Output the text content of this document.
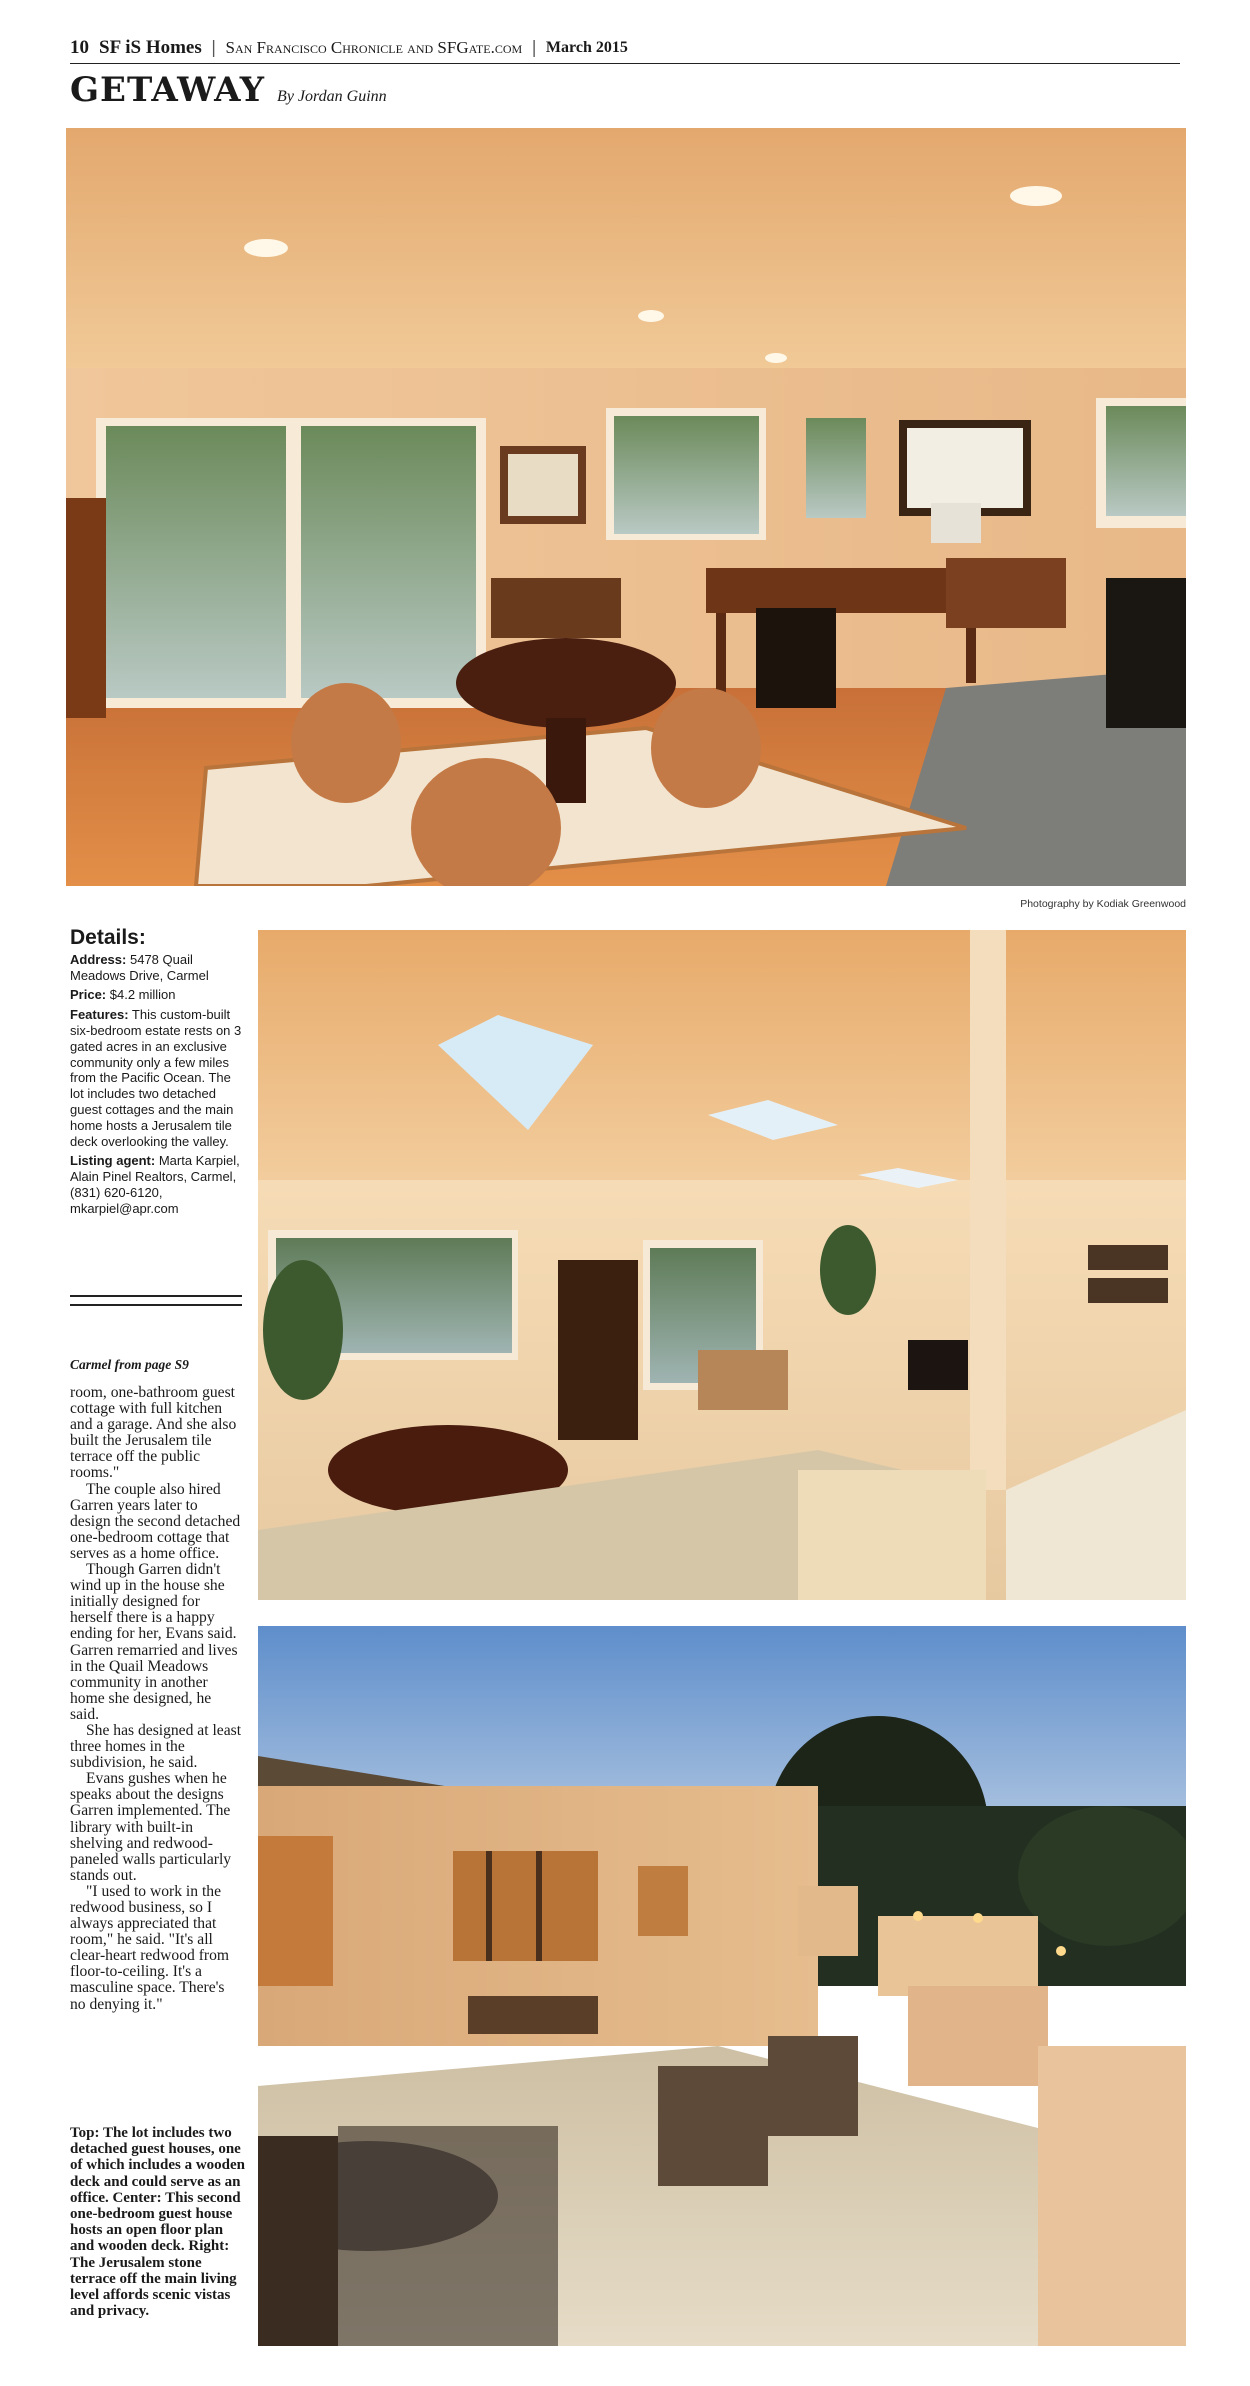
10 SF iS Homes | San Francisco Chronicle and SFGate.com | March 2015
GETAWAY By Jordan Guinn
Photography by Kodiak Greenwood
Details:

Address: 5478 Quail Meadows Drive, Carmel

Price: $4.2 million

Features: This custom-built six-bedroom estate rests on 3 gated acres in an exclusive community only a few miles from the Pacific Ocean. The lot includes two detached guest cottages and the main home hosts a Jerusalem tile deck overlooking the valley.

Listing agent: Marta Karpiel, Alain Pinel Realtors, Carmel, (831) 620-6120, mkarpiel@apr.com

Carmel from page S9

room, one-bathroom guest cottage with full kitchen and a garage. And she also built the Jerusalem tile terrace off the public rooms."

The couple also hired Garren years later to design the second detached one-bedroom cottage that serves as a home office.

Though Garren didn't wind up in the house she initially designed for herself there is a happy ending for her, Evans said. Garren remarried and lives in the Quail Meadows community in another home she designed, he said.

She has designed at least three homes in the subdivision, he said.

Evans gushes when he speaks about the designs Garren implemented. The library with built-in shelving and redwood-paneled walls particularly stands out.

"I used to work in the redwood business, so I always appreciated that room," he said. "It's all clear-heart redwood from floor-to-ceiling. It's a masculine space. There's no denying it."

Top: The lot includes two detached guest houses, one of which includes a wooden deck and could serve as an office. Center: This second one-bedroom guest house hosts an open floor plan and wooden deck. Right: The Jerusalem stone terrace off the main living level affords scenic vistas and privacy.
